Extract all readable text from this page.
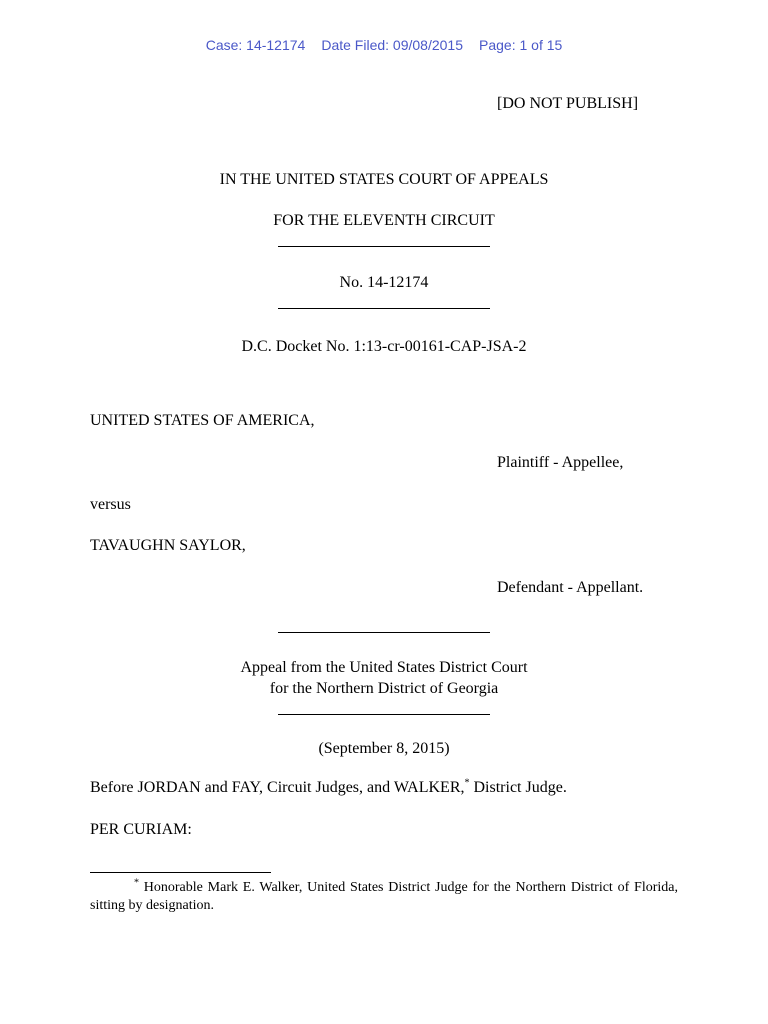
Case: 14-12174 Date Filed: 09/08/2015 Page: 1 of 15
[DO NOT PUBLISH]
IN THE UNITED STATES COURT OF APPEALS
FOR THE ELEVENTH CIRCUIT
No. 14-12174
D.C. Docket No. 1:13-cr-00161-CAP-JSA-2
UNITED STATES OF AMERICA,
Plaintiff - Appellee,
versus
TAVAUGHN SAYLOR,
Defendant - Appellant.
Appeal from the United States District Court
for the Northern District of Georgia
(September 8, 2015)
Before JORDAN and FAY, Circuit Judges, and WALKER,* District Judge.
PER CURIAM:
* Honorable Mark E. Walker, United States District Judge for the Northern District of Florida, sitting by designation.
